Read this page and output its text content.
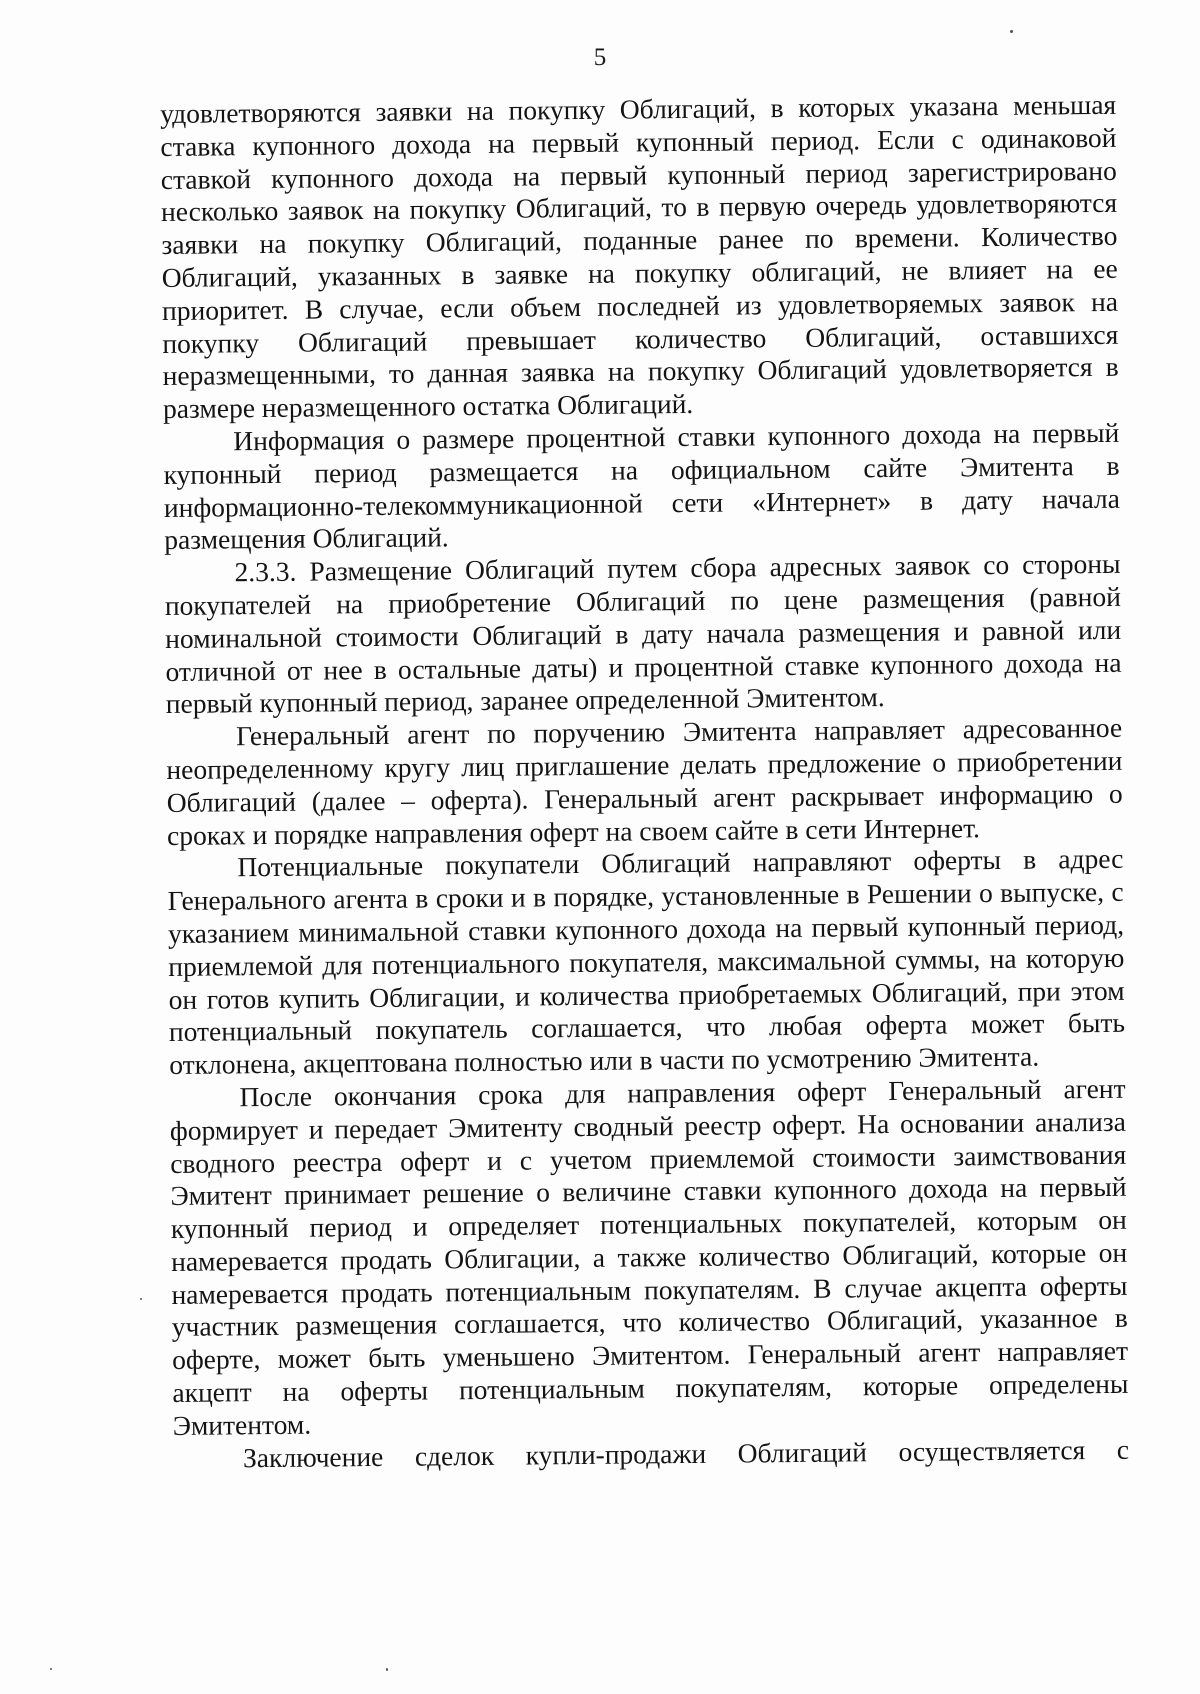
5

удовлетворяются заявки на покупку Облигаций, в которых указана меньшая ставка купонного дохода на первый купонный период. Если с одинаковой ставкой купонного дохода на первый купонный период зарегистрировано несколько заявок на покупку Облигаций, то в первую очередь удовлетворяются заявки на покупку Облигаций, поданные ранее по времени. Количество Облигаций, указанных в заявке на покупку облигаций, не влияет на ее приоритет. В случае, если объем последней из удовлетворяемых заявок на покупку Облигаций превышает количество Облигаций, оставшихся неразмещенными, то данная заявка на покупку Облигаций удовлетворяется в размере неразмещенного остатка Облигаций.

Информация о размере процентной ставки купонного дохода на первый купонный период размещается на официальном сайте Эмитента в информационно-телекоммуникационной сети «Интернет» в дату начала размещения Облигаций.

2.3.3. Размещение Облигаций путем сбора адресных заявок со стороны покупателей на приобретение Облигаций по цене размещения (равной номинальной стоимости Облигаций в дату начала размещения и равной или отличной от нее в остальные даты) и процентной ставке купонного дохода на первый купонный период, заранее определенной Эмитентом.

Генеральный агент по поручению Эмитента направляет адресованное неопределенному кругу лиц приглашение делать предложение о приобретении Облигаций (далее – оферта). Генеральный агент раскрывает информацию о сроках и порядке направления оферт на своем сайте в сети Интернет.

Потенциальные покупатели Облигаций направляют оферты в адрес Генерального агента в сроки и в порядке, установленные в Решении о выпуске, с указанием минимальной ставки купонного дохода на первый купонный период, приемлемой для потенциального покупателя, максимальной суммы, на которую он готов купить Облигации, и количества приобретаемых Облигаций, при этом потенциальный покупатель соглашается, что любая оферта может быть отклонена, акцептована полностью или в части по усмотрению Эмитента.

После окончания срока для направления оферт Генеральный агент формирует и передает Эмитенту сводный реестр оферт. На основании анализа сводного реестра оферт и с учетом приемлемой стоимости заимствования Эмитент принимает решение о величине ставки купонного дохода на первый купонный период и определяет потенциальных покупателей, которым он намеревается продать Облигации, а также количество Облигаций, которые он намеревается продать потенциальным покупателям. В случае акцепта оферты участник размещения соглашается, что количество Облигаций, указанное в оферте, может быть уменьшено Эмитентом. Генеральный агент направляет акцепт на оферты потенциальным покупателям, которые определены Эмитентом.

Заключение сделок купли-продажи Облигаций осуществляется с
